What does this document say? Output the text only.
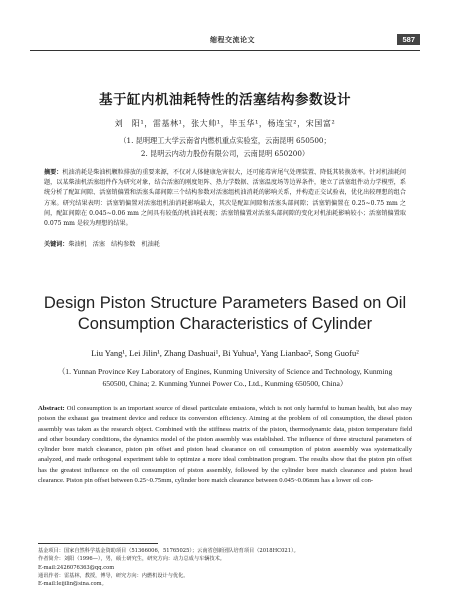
缩程交流论文	587
基于缸内机油耗特性的活塞结构参数设计
刘　阳¹，雷基林¹，张大帅¹，毕玉华¹，杨连宝²，宋国富²
（1. 昆明理工大学云南省内燃机重点实验室，云南昆明 650500；
2. 昆明云内动力股份有限公司，云南昆明 650200）
摘要：机油消耗是柴油机颗粒排放的重要来源，不仅对人体健康危害很大，还可能毒害尾气处理装置、降低其转换效率。针对机油耗问题，以某柴油机活塞组件作为研究对象，结合活塞的刚度矩阵、热力学数据、活塞温度场等边界条件，建立了活塞组件动力学模型，系统分析了配缸间隙、活塞销偏置和活塞头部间隙三个结构参数对活塞组机油消耗的影响关系，并构造正交试验表，优化出较理想的组合方案。研究结果表明：活塞销偏置对活塞组机油消耗影响最大，其次是配缸间隙和活塞头部间隙；活塞销偏置在 0.25~0.75 mm 之间，配缸间隙在 0.045~0.06 mm 之间具有较低的机油耗表现；活塞销偏置对活塞头部间隙的变化对机油耗影响较小；活塞销偏置取 0.075 mm 是较为理想的结果。
关键词：柴油机　活塞　结构参数　机油耗
Design Piston Structure Parameters Based on Oil Consumption Characteristics of Cylinder
Liu Yang¹, Lei Jilin¹, Zhang Dashuai¹, Bi Yuhua¹, Yang Lianbao², Song Guofu²
（1. Yunnan Province Key Laboratory of Engines, Kunming University of Science and Technology, Kunming
650500, China; 2. Kunming Yunnei Power Co., Ltd., Kunming 650500, China）
Abstract: Oil consumption is an important source of diesel particulate emissions, which is not only harmful to human health, but also may poison the exhaust gas treatment device and reduce its conversion efficiency. Aiming at the problem of oil consumption, the diesel piston assembly was taken as the research object. Combined with the stiffness matrix of the piston, thermodynamic data, piston temperature field and other boundary conditions, the dynamics model of the piston assembly was established. The influence of three structural parameters of cylinder bore match clearance, piston pin offset and piston head clearance on oil consumption of piston assembly was systematically analyzed, and made orthogonal experiment table to optimize a more ideal combination program. The results show that the piston pin offset has the greatest influence on the oil consumption of piston assembly, followed by the cylinder bore match clearance and piston head clearance. Piston pin offset between 0.25~0.75mm, cylinder bore match clearance between 0.045~0.06mm has a lower oil con-
基金项目：国家自然科学基金资助项目（51366006，51765025）；云南省创新团队培育项目（2018HC021）。
作者简介：刘阳（1996—），男，硕士研究生，研究方向：动力总成与车辆技术。
E-mail:2426076363@qq.com
通讯作者：雷基林，教授，博导，研究方向：内燃机设计与优化。
E-mail:leijilin@sina.com。
